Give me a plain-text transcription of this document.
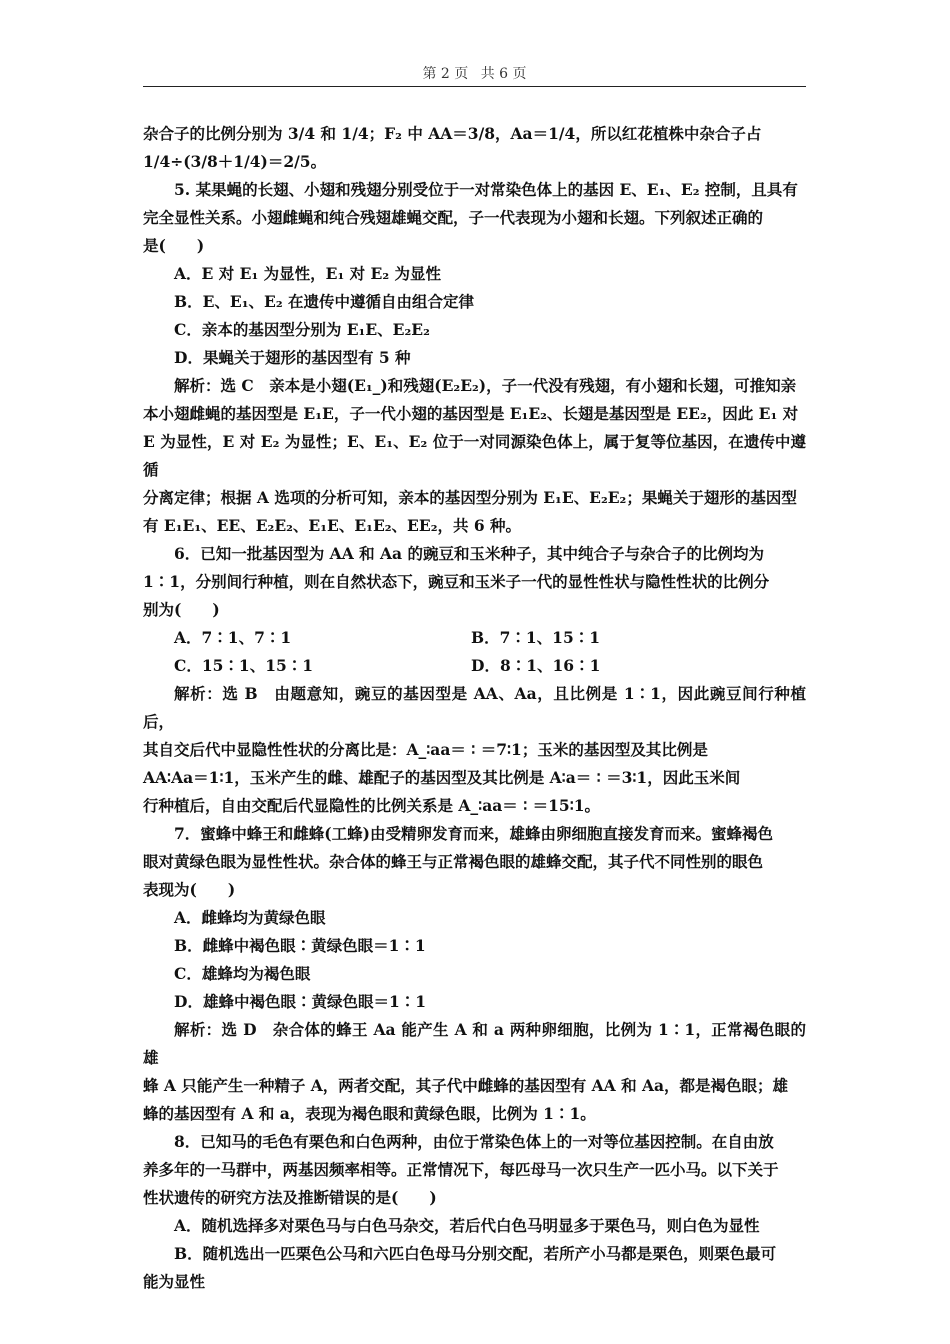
第 2 页 共 6 页

杂合子的比例分别为 3/4 和 1/4；F₂ 中 AA＝3/8，Aa＝1/4，所以红花植株中杂合子占

1/4÷(3/8＋1/4)＝2/5。

5. 某果蝇的长翅、小翅和残翅分别受位于一对常染色体上的基因 E、E₁、E₂ 控制，且具有

完全显性关系。小翅雌蝇和纯合残翅雄蝇交配，子一代表现为小翅和长翅。下列叙述正确的

是(　　)

A．E 对 E₁ 为显性，E₁ 对 E₂ 为显性

B．E、E₁、E₂ 在遗传中遵循自由组合定律

C．亲本的基因型分别为 E₁E、E₂E₂

D．果蝇关于翅形的基因型有 5 种

解析：选 C　亲本是小翅(E₁_)和残翅(E₂E₂)，子一代没有残翅，有小翅和长翅，可推知亲

本小翅雌蝇的基因型是 E₁E，子一代小翅的基因型是 E₁E₂、长翅是基因型是 EE₂，因此 E₁ 对

E 为显性，E 对 E₂ 为显性；E、E₁、E₂ 位于一对同源染色体上，属于复等位基因，在遗传中遵循

分离定律；根据 A 选项的分析可知，亲本的基因型分别为 E₁E、E₂E₂；果蝇关于翅形的基因型

有 E₁E₁、EE、E₂E₂、E₁E、E₁E₂、EE₂，共 6 种。

6．已知一批基因型为 AA 和 Aa 的豌豆和玉米种子，其中纯合子与杂合子的比例均为

1∶1，分别间行种植，则在自然状态下，豌豆和玉米子一代的显性性状与隐性性状的比例分

别为(　　)

A．7∶1、7∶1	B．7∶1、15∶1
C．15∶1、15∶1	D．8∶1、16∶1

解析：选 B　由题意知，豌豆的基因型是 AA、Aa，且比例是 1∶1，因此豌豆间行种植后，

其自交后代中显隐性性状的分离比是：A_∶aa＝ ∶ ＝7∶1；玉米的基因型及其比例是

AA∶Aa＝1∶1，玉米产生的雌、雄配子的基因型及其比例是 A∶a＝ ∶ ＝3∶1，因此玉米间

行种植后，自由交配后代显隐性的比例关系是 A_∶aa＝ ∶ ＝15∶1。

7．蜜蜂中蜂王和雌蜂(工蜂)由受精卵发育而来，雄蜂由卵细胞直接发育而来。蜜蜂褐色

眼对黄绿色眼为显性性状。杂合体的蜂王与正常褐色眼的雄蜂交配，其子代不同性别的眼色

表现为(　　)

A．雌蜂均为黄绿色眼

B．雌蜂中褐色眼∶黄绿色眼＝1∶1

C．雄蜂均为褐色眼

D．雄蜂中褐色眼∶黄绿色眼＝1∶1

解析：选 D　杂合体的蜂王 Aa 能产生 A 和 a 两种卵细胞，比例为 1∶1，正常褐色眼的雄

蜂 A 只能产生一种精子 A，两者交配，其子代中雌蜂的基因型有 AA 和 Aa，都是褐色眼；雄

蜂的基因型有 A 和 a，表现为褐色眼和黄绿色眼，比例为 1∶1。

8．已知马的毛色有栗色和白色两种，由位于常染色体上的一对等位基因控制。在自由放

养多年的一马群中，两基因频率相等。正常情况下，每匹母马一次只生产一匹小马。以下关于

性状遗传的研究方法及推断错误的是(　　)

A．随机选择多对栗色马与白色马杂交，若后代白色马明显多于栗色马，则白色为显性

B．随机选出一匹栗色公马和六匹白色母马分别交配，若所产小马都是栗色，则栗色最可

能为显性
